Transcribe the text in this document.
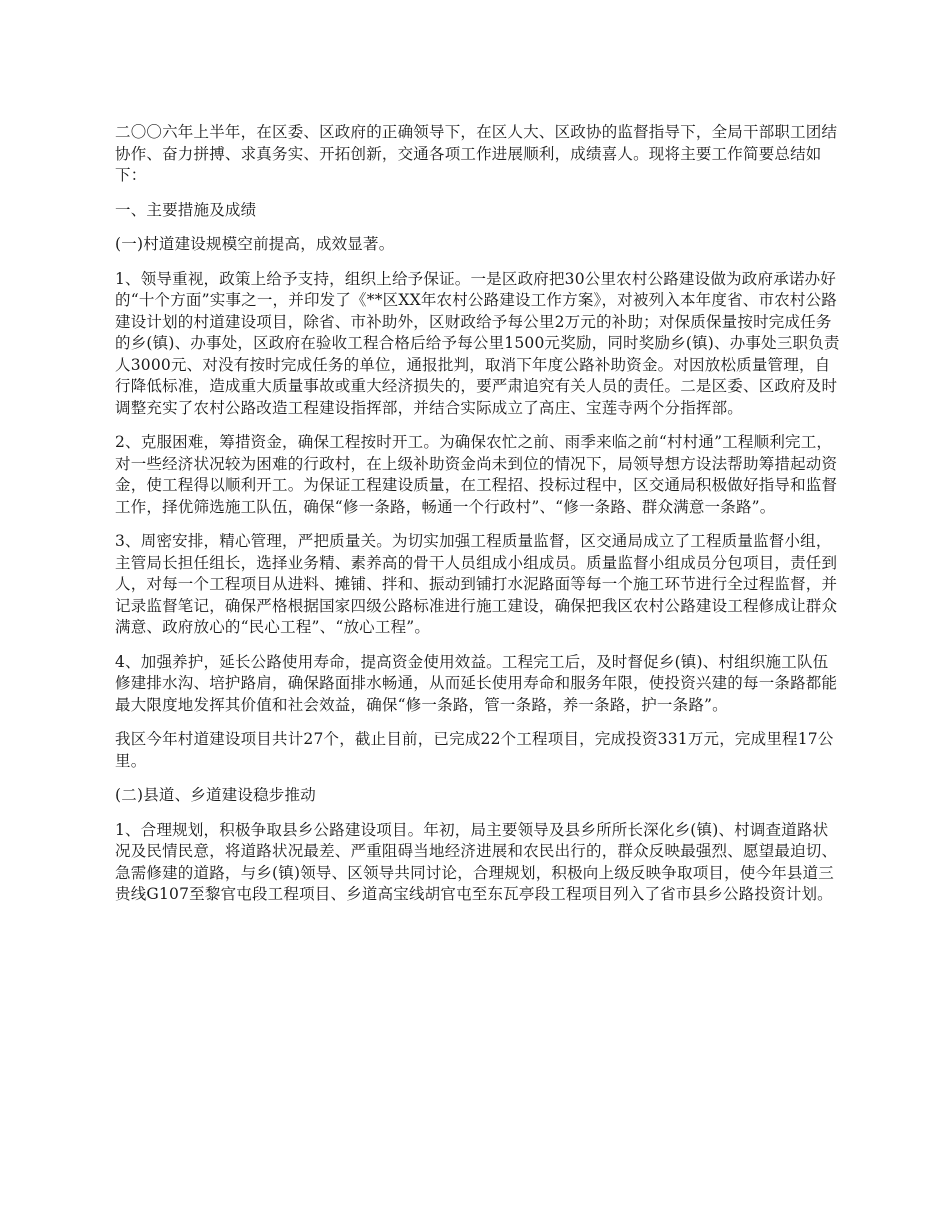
二〇〇六年上半年，在区委、区政府的正确领导下，在区人大、区政协的监督指导下，全局干部职工团结协作、奋力拼搏、求真务实、开拓创新，交通各项工作进展顺利，成绩喜人。现将主要工作简要总结如下：

一、主要措施及成绩

(一)村道建设规模空前提高，成效显著。

1、领导重视，政策上给予支持，组织上给予保证。一是区政府把30公里农村公路建设做为政府承诺办好的“十个方面”实事之一，并印发了《**区XX年农村公路建设工作方案》，对被列入本年度省、市农村公路建设计划的村道建设项目，除省、市补助外，区财政给予每公里2万元的补助；对保质保量按时完成任务的乡(镇)、办事处，区政府在验收工程合格后给予每公里1500元奖励，同时奖励乡(镇)、办事处三职负责人3000元、对没有按时完成任务的单位，通报批判，取消下年度公路补助资金。对因放松质量管理，自行降低标准，造成重大质量事故或重大经济损失的，要严肃追究有关人员的责任。二是区委、区政府及时调整充实了农村公路改造工程建设指挥部，并结合实际成立了高庄、宝莲寺两个分指挥部。

2、克服困难，筹措资金，确保工程按时开工。为确保农忙之前、雨季来临之前“村村通”工程顺利完工，对一些经济状况较为困难的行政村，在上级补助资金尚未到位的情况下，局领导想方设法帮助筹措起动资金，使工程得以顺利开工。为保证工程建设质量，在工程招、投标过程中，区交通局积极做好指导和监督工作，择优筛选施工队伍，确保“修一条路，畅通一个行政村”、“修一条路、群众满意一条路”。

3、周密安排，精心管理，严把质量关。为切实加强工程质量监督，区交通局成立了工程质量监督小组，主管局长担任组长，选择业务精、素养高的骨干人员组成小组成员。质量监督小组成员分包项目，责任到人，对每一个工程项目从进料、摊铺、拌和、振动到铺打水泥路面等每一个施工环节进行全过程监督，并记录监督笔记，确保严格根据国家四级公路标准进行施工建设，确保把我区农村公路建设工程修成让群众满意、政府放心的“民心工程”、“放心工程”。

4、加强养护，延长公路使用寿命，提高资金使用效益。工程完工后，及时督促乡(镇)、村组织施工队伍修建排水沟、培护路肩，确保路面排水畅通，从而延长使用寿命和服务年限，使投资兴建的每一条路都能最大限度地发挥其价值和社会效益，确保“修一条路，管一条路，养一条路，护一条路”。

我区今年村道建设项目共计27个，截止目前，已完成22个工程项目，完成投资331万元，完成里程17公里。

(二)县道、乡道建设稳步推动

1、合理规划，积极争取县乡公路建设项目。年初，局主要领导及县乡所所长深化乡(镇)、村调查道路状况及民情民意，将道路状况最差、严重阻碍当地经济进展和农民出行的，群众反映最强烈、愿望最迫切、急需修建的道路，与乡(镇)领导、区领导共同讨论，合理规划，积极向上级反映争取项目，使今年县道三贵线G107至黎官屯段工程项目、乡道高宝线胡官屯至东瓦亭段工程项目列入了省市县乡公路投资计划。
